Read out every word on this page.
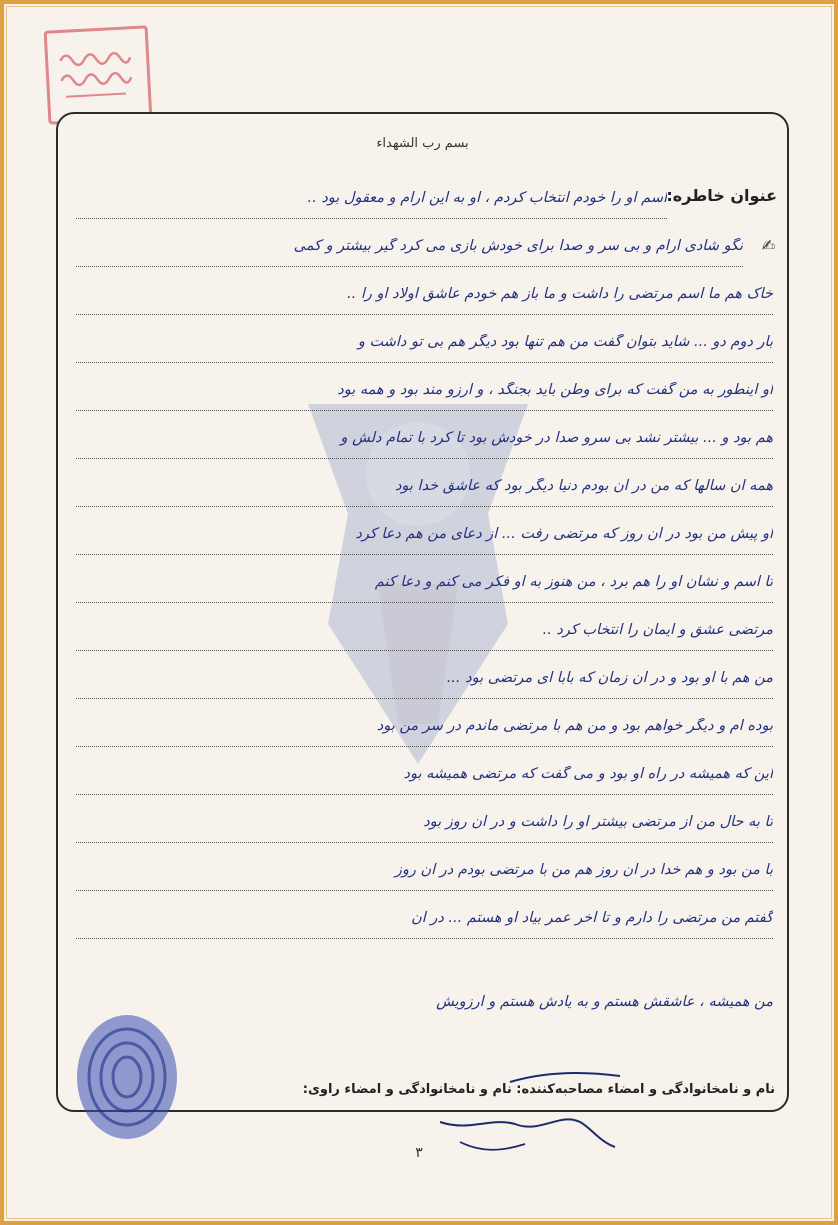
بسم رب الشهداء
عنوان خاطره:
✍
اسم او را خودم انتخاب کردم ، او به این آرام و معقول بود ..
نگو شادی آرام و بی سر و صدا برای خودش بازی می کرد گیر بیشتر و کمی
خاک هم ما اسم مرتضی را داشت و ما باز هم خودم عاشق اولاد او را ..
بار دوم دو ... شاید بتوان گفت من هم تنها بود دیگر هم بی تو داشت و
او اینطور به من گفت که برای وطن باید بجنگد ، و آرزو مند بود و همه بود
هم بود و ... بیشتر نشد بی سرو صدا در خودش بود تا کرد با تمام دلش و
همه آن سالها که من در آن بودم دنیا دیگر بود که عاشق خدا بود
او پیش من بود در آن روز که مرتضی رفت ... از دعای من هم دعا کرد
تا اسم و نشان او را هم برد ، من هنوز به او فکر می کنم و دعا کنم
مرتضی عشق و ایمان را انتخاب کرد ..
من هم با او بود و در آن زمان که بابا ای مرتضی بود ...
بوده ام و دیگر خواهم بود و من هم با مرتضی ماندم در سر من بود
این که همیشه در راه او بود و می گفت که مرتضی همیشه بود
تا به حال من از مرتضی بیشتر او را داشت و در آن روز بود
با من بود و هم خدا در آن روز هم من با مرتضی بودم در آن روز
گفتم من مرتضی را دارم و تا آخر عمر بیاد او هستم ... در آن
من همیشه ، عاشقش هستم و به یادش هستم و آرزویش
نام و نامخانوادگی و امضاء مصاحبه‌کننده: نام و نامخانوادگی و امضاء راوی:
۳
